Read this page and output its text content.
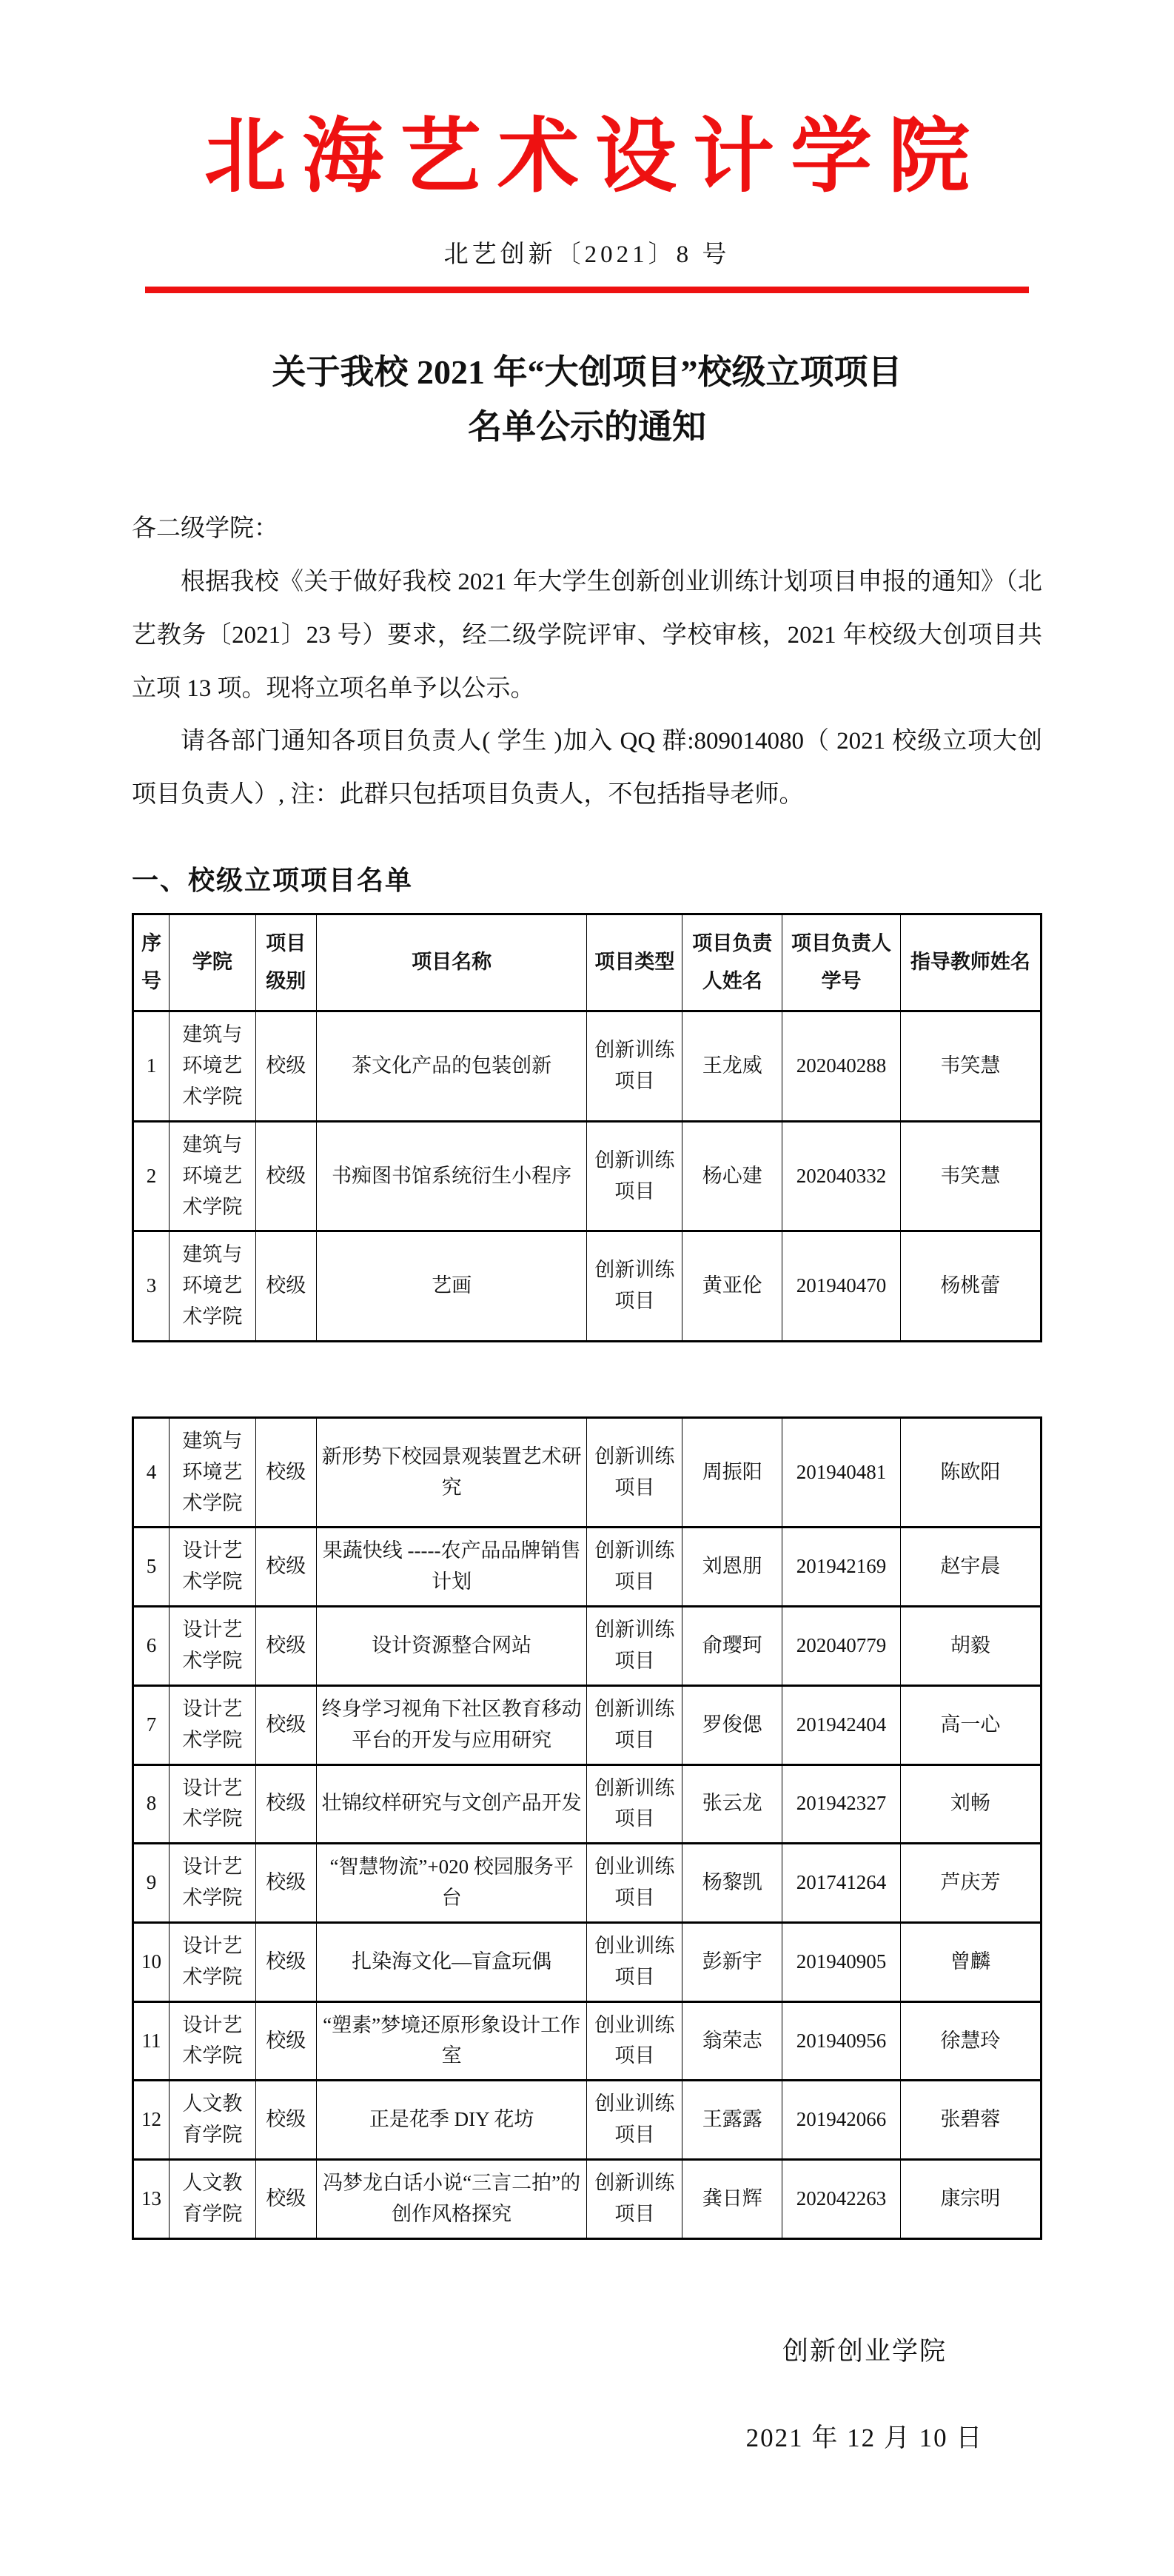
北海艺术设计学院
北艺创新〔2021〕8 号
关于我校 2021 年“大创项目”校级立项项目
名单公示的通知

各二级学院：

根据我校《关于做好我校 2021 年大学生创新创业训练计划项目申报的通知》（北艺教务〔2021〕23 号）要求，经二级学院评审、学校审核，2021 年校级大创项目共立项 13 项。现将立项名单予以公示。

请各部门通知各项目负责人( 学生 )加入 QQ 群:809014080（ 2021 校级立项大创项目负责人）, 注：此群只包括项目负责人，不包括指导老师。

一、校级立项项目名单
序号	学院	项目级别	项目名称	项目类型	项目负责人姓名	项目负责人学号	指导教师姓名
1	建筑与环境艺术学院	校级	茶文化产品的包装创新	创新训练项目	王龙威	202040288	韦笑慧
2	建筑与环境艺术学院	校级	书痴图书馆系统衍生小程序	创新训练项目	杨心建	202040332	韦笑慧
3	建筑与环境艺术学院	校级	艺画	创新训练项目	黄亚伦	201940470	杨桃蕾
4	建筑与环境艺术学院	校级	新形势下校园景观装置艺术研究	创新训练项目	周振阳	201940481	陈欧阳
5	设计艺术学院	校级	果蔬快线 -----农产品品牌销售计划	创新训练项目	刘恩朋	201942169	赵宇晨
6	设计艺术学院	校级	设计资源整合网站	创新训练项目	俞璎珂	202040779	胡毅
7	设计艺术学院	校级	终身学习视角下社区教育移动平台的开发与应用研究	创新训练项目	罗俊偲	201942404	高一心
8	设计艺术学院	校级	壮锦纹样研究与文创产品开发	创新训练项目	张云龙	201942327	刘畅
9	设计艺术学院	校级	“智慧物流”+020 校园服务平台	创业训练项目	杨黎凯	201741264	芦庆芳
10	设计艺术学院	校级	扎染海文化—盲盒玩偶	创业训练项目	彭新宇	201940905	曾麟
11	设计艺术学院	校级	“塑素”梦境还原形象设计工作室	创业训练项目	翁荣志	201940956	徐慧玲
12	人文教育学院	校级	正是花季 DIY 花坊	创业训练项目	王露露	201942066	张碧蓉
13	人文教育学院	校级	冯梦龙白话小说“三言二拍”的创作风格探究	创新训练项目	龚日辉	202042263	康宗明
创新创业学院
2021 年 12 月 10 日
